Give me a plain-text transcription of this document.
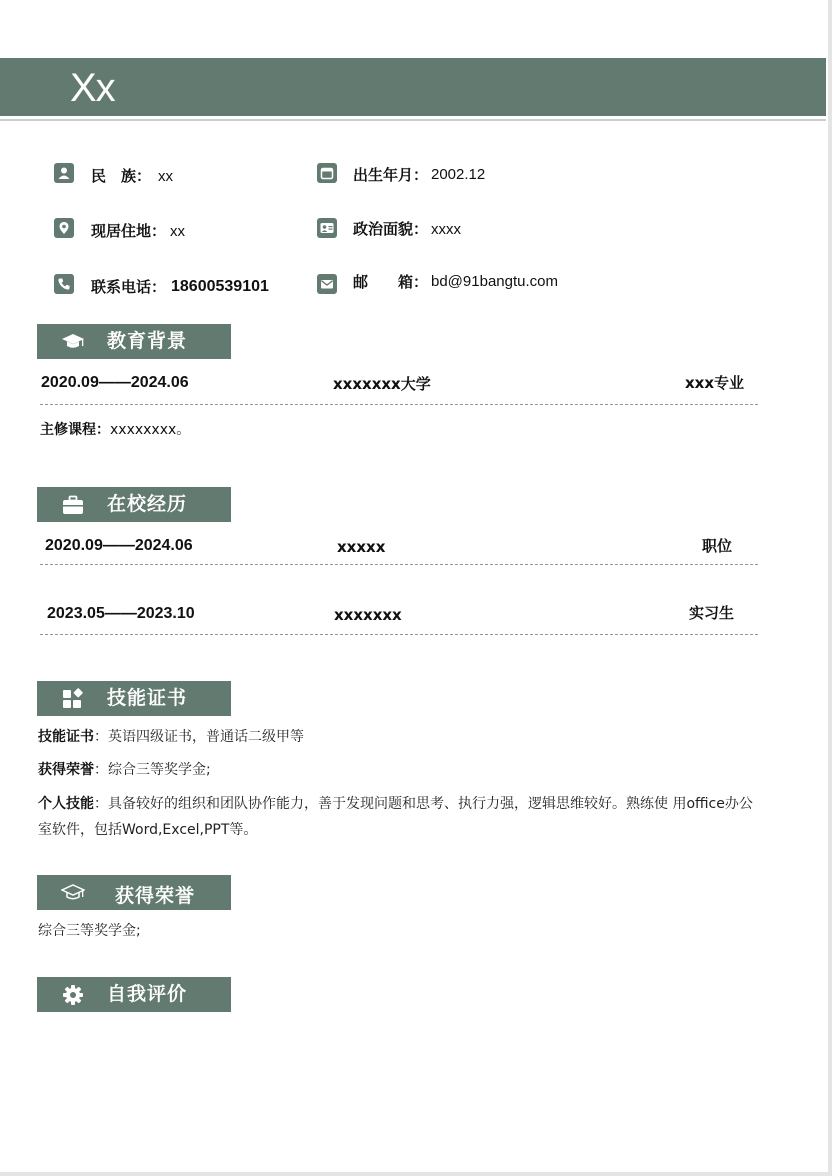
Xx
民　族： xx	出生年月： 2002.12
现居住地： xx	政治面貌： xxxx
联系电话： 18600539101	邮　　箱： bd@91bangtu.com
教育背景
2020.09——2024.06	xxxxxxx大学	xxx专业
主修课程：xxxxxxxx。
在校经历
2020.09——2024.06	xxxxx	职位
2023.05——2023.10	xxxxxxx	实习生
技能证书
技能证书：英语四级证书，普通话二级甲等
获得荣誉：综合三等奖学金;
个人技能：具备较好的组织和团队协作能力，善于发现问题和思考、执行力强，逻辑思维较好。熟练使 用office办公室软件，包括Word,Excel,PPT等。
获得荣誉
综合三等奖学金;
自我评价
